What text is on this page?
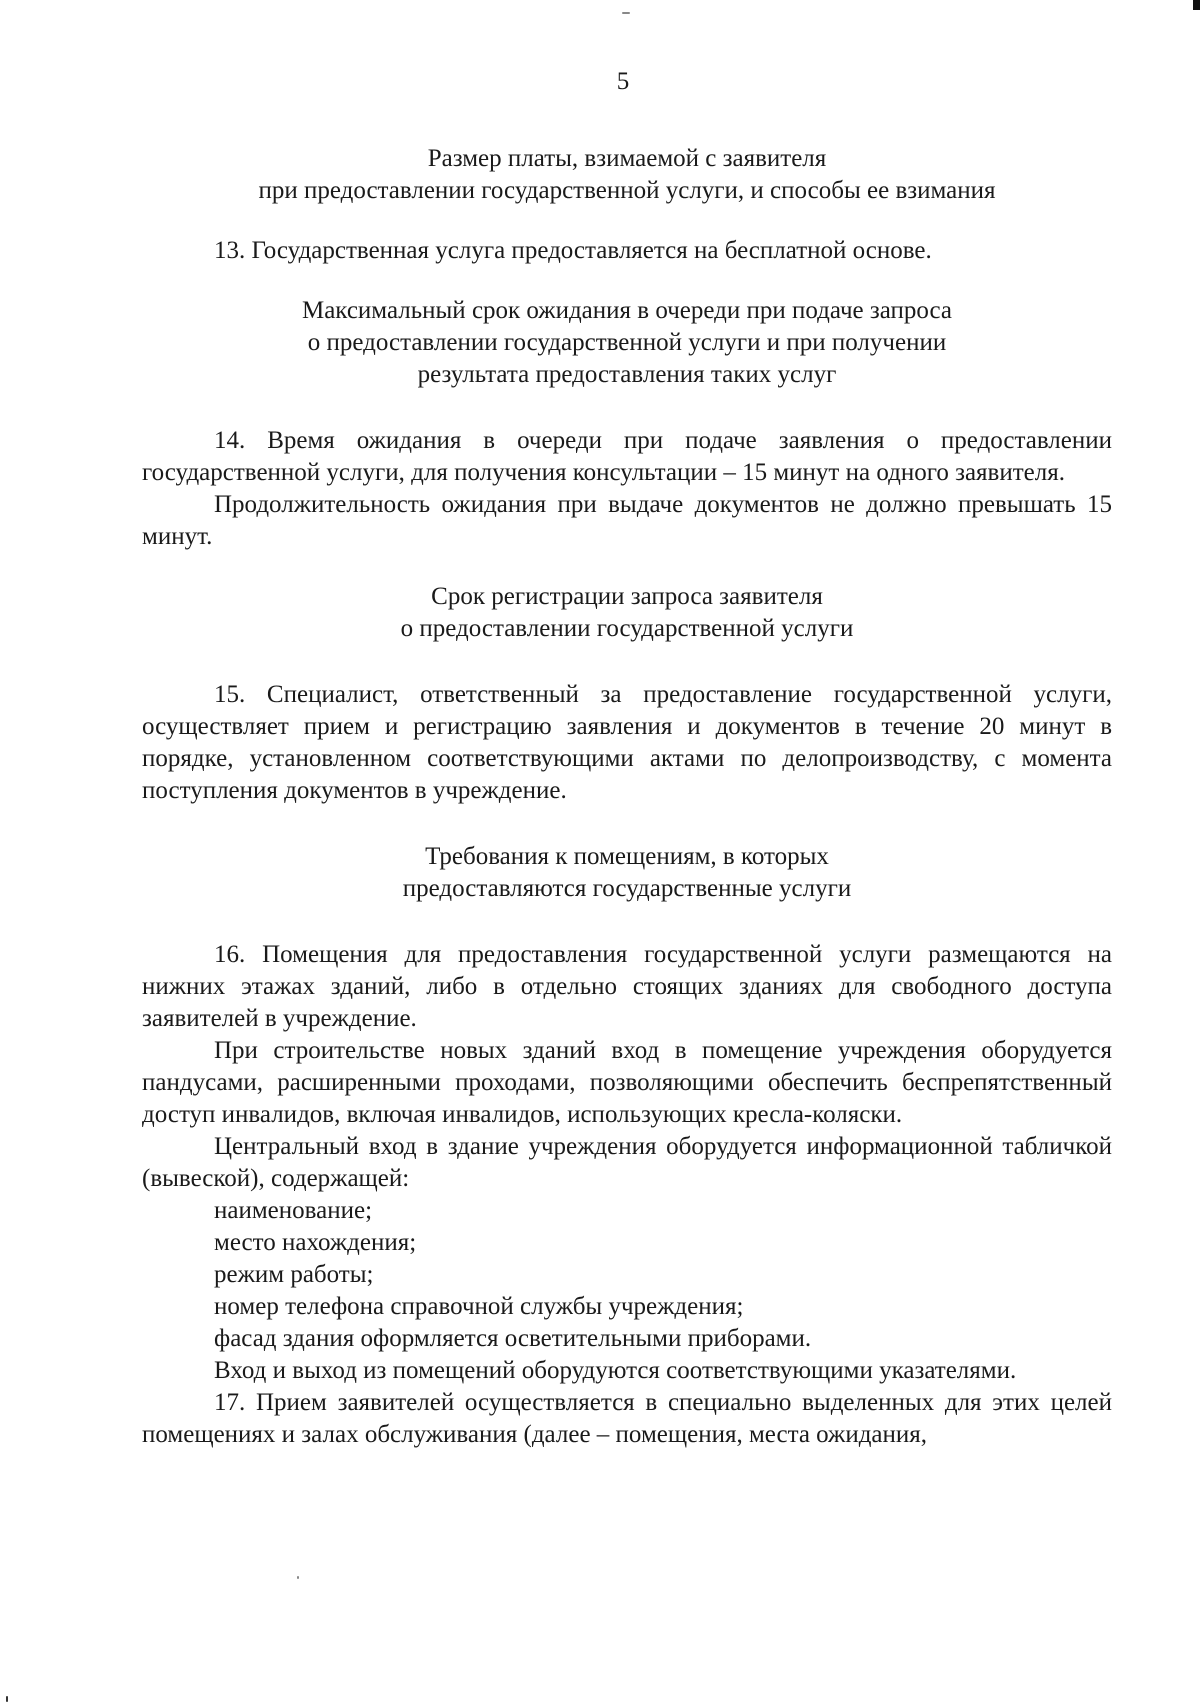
5
Размер платы, взимаемой с заявителя
при предоставлении государственной услуги, и способы ее взимания

13. Государственная услуга предоставляется на бесплатной основе.

Максимальный срок ожидания в очереди при подаче запроса
о предоставлении государственной услуги и при получении
результата предоставления таких услуг

14. Время ожидания в очереди при подаче заявления о предоставлении государственной услуги, для получения консультации – 15 минут на одного заявителя.

Продолжительность ожидания при выдаче документов не должно превышать 15 минут.

Срок регистрации запроса заявителя
о предоставлении государственной услуги

15. Специалист, ответственный за предоставление государственной услуги, осуществляет прием и регистрацию заявления и документов в течение 20 минут в порядке, установленном соответствующими актами по делопроизводству, с момента поступления документов в учреждение.

Требования к помещениям, в которых
предоставляются государственные услуги

16. Помещения для предоставления государственной услуги размещаются на нижних этажах зданий, либо в отдельно стоящих зданиях для свободного доступа заявителей в учреждение.

При строительстве новых зданий вход в помещение учреждения оборудуется пандусами, расширенными проходами, позволяющими обеспечить беспрепятственный доступ инвалидов, включая инвалидов, использующих кресла-коляски.

Центральный вход в здание учреждения оборудуется информационной табличкой (вывеской), содержащей:

наименование;

место нахождения;

режим работы;

номер телефона справочной службы учреждения;

фасад здания оформляется осветительными приборами.

Вход и выход из помещений оборудуются соответствующими указателями.

17. Прием заявителей осуществляется в специально выделенных для этих целей помещениях и залах обслуживания (далее – помещения, места ожидания,
